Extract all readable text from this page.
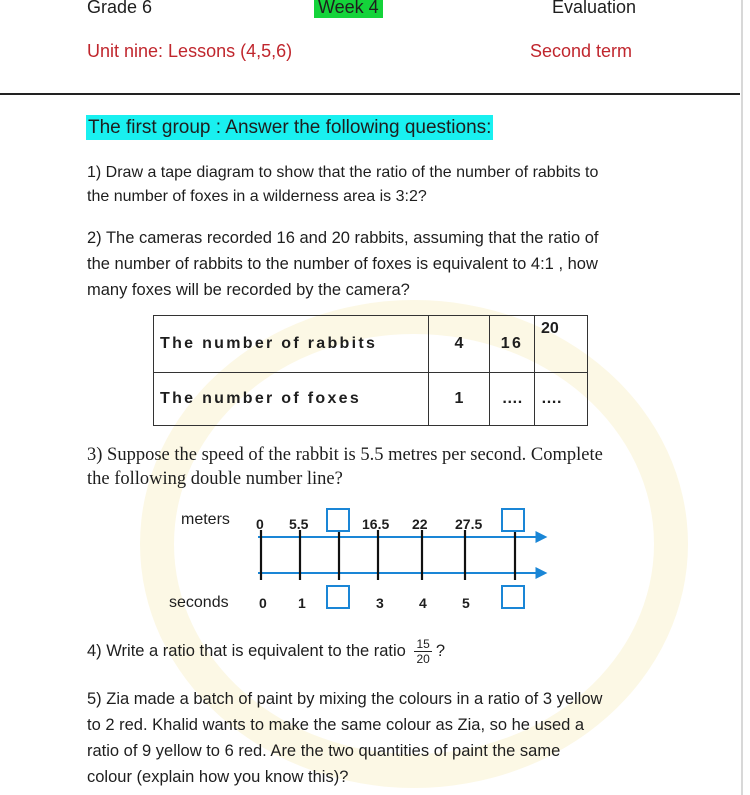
Grade 6	Week 4	Evaluation
Unit nine: Lessons (4,5,6)	Second term
The first group : Answer the following questions:
1) Draw a tape diagram to show that the ratio of the number of rabbits to
the number of foxes in a wilderness area is 3:2?
2) The cameras recorded 16 and 20 rabbits, assuming that the ratio of
the number of rabbits to the number of foxes is equivalent to 4:1 , how
many foxes will be recorded by the camera?
The number of rabbits	4	16	20
The number of foxes	1	….	….
3) Suppose the speed of the rabbit is 5.5 metres per second. Complete
the following double number line?
meters
seconds
0 5.5	16.5 22 27.5
0 1	3	4	5
4) Write a ratio that is equivalent to the ratio $\frac{15}{20}$ ?
5) Zia made a batch of paint by mixing the colours in a ratio of 3 yellow
to 2 red. Khalid wants to make the same colour as Zia, so he used a
ratio of 9 yellow to 6 red. Are the two quantities of paint the same
colour (explain how you know this)?
